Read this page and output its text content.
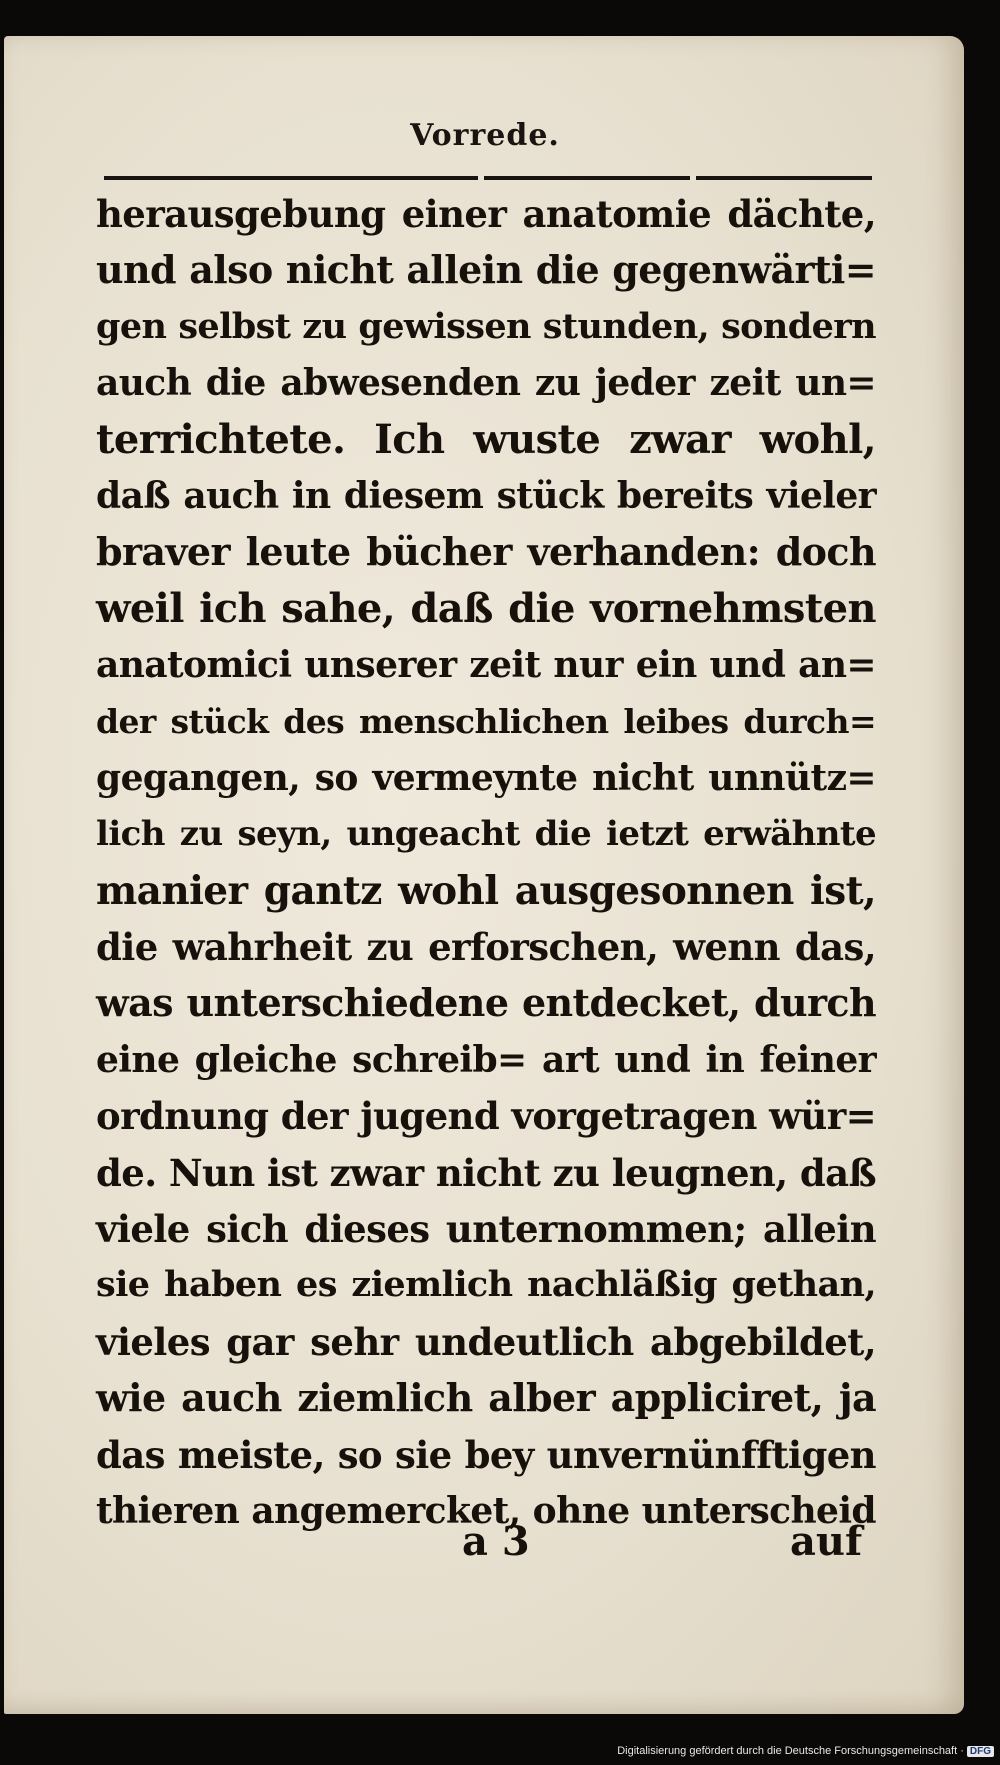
Vorrede.
herausgebung einer anatomie dächte,
und also nicht allein die gegenwärti=
gen selbst zu gewissen stunden, sondern
auch die abwesenden zu jeder zeit un=
terrichtete. Ich wuste zwar wohl,
daß auch in diesem stück bereits vieler
braver leute bücher verhanden: doch
weil ich sahe, daß die vornehmsten
anatomici unserer zeit nur ein und an=
der stück des menschlichen leibes durch=
gegangen, so vermeynte nicht unnütz=
lich zu seyn, ungeacht die ietzt erwähnte
manier gantz wohl ausgesonnen ist,
die wahrheit zu erforschen, wenn das,
was unterschiedene entdecket, durch
eine gleiche schreib= art und in feiner
ordnung der jugend vorgetragen wür=
de. Nun ist zwar nicht zu leugnen, daß
viele sich dieses unternommen; allein
sie haben es ziemlich nachläßig gethan,
vieles gar sehr undeutlich abgebildet,
wie auch ziemlich alber appliciret, ja
das meiste, so sie bey unvernünfftigen
thieren angemercket, ohne unterscheid
a 3	auf
Digitalisierung gefördert durch die Deutsche Forschungsgemeinschaft · DFG
